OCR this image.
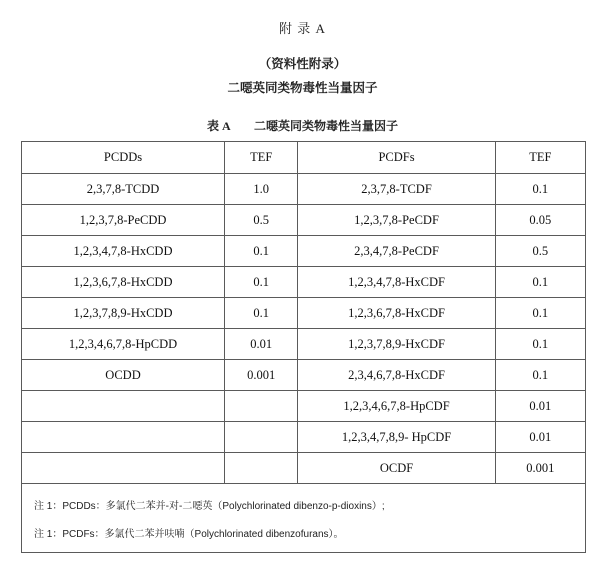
附 录 A
（资料性附录）
二噁英同类物毒性当量因子
表 A　　二噁英同类物毒性当量因子
PCDDs	TEF	PCDFs	TEF
2,3,7,8-TCDD	1.0	2,3,7,8-TCDF	0.1
1,2,3,7,8-PeCDD	0.5	1,2,3,7,8-PeCDF	0.05
1,2,3,4,7,8-HxCDD	0.1	2,3,4,7,8-PeCDF	0.5
1,2,3,6,7,8-HxCDD	0.1	1,2,3,4,7,8-HxCDF	0.1
1,2,3,7,8,9-HxCDD	0.1	1,2,3,6,7,8-HxCDF	0.1
1,2,3,4,6,7,8-HpCDD	0.01	1,2,3,7,8,9-HxCDF	0.1
OCDD	0.001	2,3,4,6,7,8-HxCDF	0.1
		1,2,3,4,6,7,8-HpCDF	0.01
		1,2,3,4,7,8,9- HpCDF	0.01
		OCDF	0.001

注 1：PCDDs：多氯代二苯并-对-二噁英（Polychlorinated dibenzo-p-dioxins）;
注 1：PCDFs：多氯代二苯并呋喃（Polychlorinated dibenzofurans）。			
